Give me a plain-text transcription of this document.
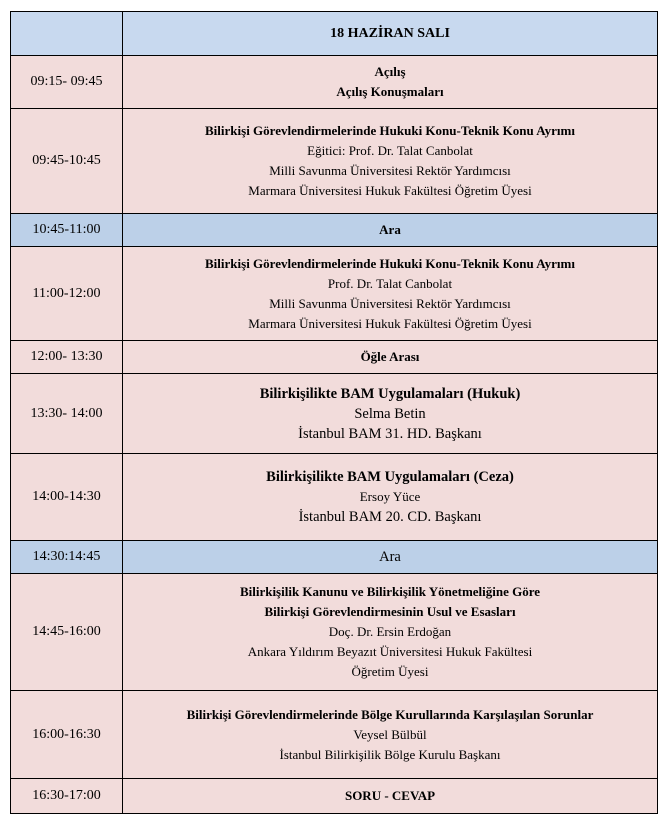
	18 HAZİRAN SALI
09:15- 09:45	Açılış
Açılış Konuşmaları

09:45-10:45	Bilirkişi Görevlendirmelerinde Hukuki Konu-Teknik Konu Ayrımı
Eğitici: Prof. Dr. Talat Canbolat
Milli Savunma Üniversitesi Rektör Yardımcısı
Marmara Üniversitesi Hukuk Fakültesi Öğretim Üyesi

10:45-11:00	Ara

11:00-12:00	Bilirkişi Görevlendirmelerinde Hukuki Konu-Teknik Konu Ayrımı
Prof. Dr. Talat Canbolat
Milli Savunma Üniversitesi Rektör Yardımcısı
Marmara Üniversitesi Hukuk Fakültesi Öğretim Üyesi

12:00- 13:30	Öğle Arası

13:30- 14:00	Bilirkişilikte BAM Uygulamaları (Hukuk)
Selma Betin
İstanbul BAM 31. HD. Başkanı

14:00-14:30	Bilirkişilikte BAM Uygulamaları (Ceza)
Ersoy Yüce
İstanbul BAM 20. CD. Başkanı

14:30:14:45	Ara

14:45-16:00	Bilirkişilik Kanunu ve Bilirkişilik Yönetmeliğine Göre
Bilirkişi Görevlendirmesinin Usul ve Esasları
Doç. Dr. Ersin Erdoğan
Ankara Yıldırım Beyazıt Üniversitesi Hukuk Fakültesi
Öğretim Üyesi

16:00-16:30	Bilirkişi Görevlendirmelerinde Bölge Kurullarında Karşılaşılan Sorunlar
Veysel Bülbül
İstanbul Bilirkişilik Bölge Kurulu Başkanı

16:30-17:00	SORU - CEVAP
